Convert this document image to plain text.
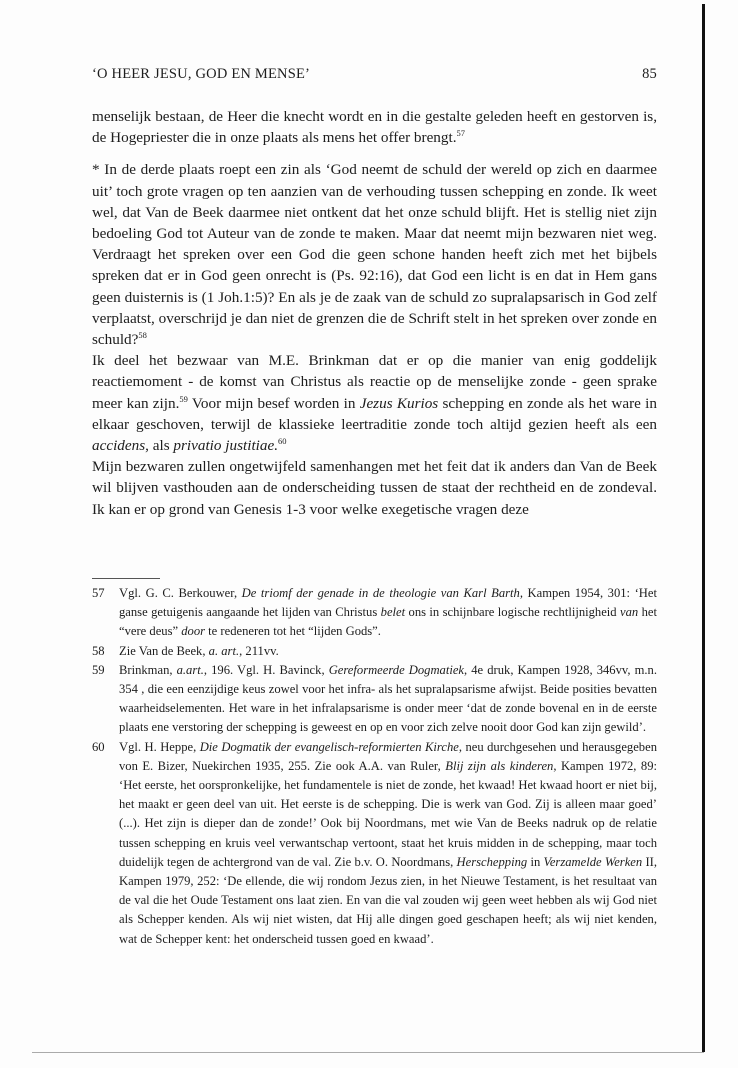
‘O HEER JESU, GOD EN MENSE’	85

menselijk bestaan, de Heer die knecht wordt en in die gestalte geleden heeft en gestorven is, de Hogepriester die in onze plaats als mens het offer brengt.$^{57}$

* In de derde plaats roept een zin als ‘God neemt de schuld der wereld op zich en daarmee uit’ toch grote vragen op ten aanzien van de verhouding tussen schepping en zonde. Ik weet wel, dat Van de Beek daarmee niet ontkent dat het onze schuld blijft. Het is stellig niet zijn bedoeling God tot Auteur van de zonde te maken. Maar dat neemt mijn bezwaren niet weg. Verdraagt het spreken over een God die geen schone handen heeft zich met het bijbels spreken dat er in God geen onrecht is (Ps. 92:16), dat God een licht is en dat in Hem gans geen duisternis is (1 Joh.1:5)? En als je de zaak van de schuld zo supralapsarisch in God zelf verplaatst, overschrijd je dan niet de grenzen die de Schrift stelt in het spreken over zonde en schuld?$^{58}$

Ik deel het bezwaar van M.E. Brinkman dat er op die manier van enig goddelijk reactiemoment - de komst van Christus als reactie op de menselijke zonde - geen sprake meer kan zijn.$^{59}$ Voor mijn besef worden in Jezus Kurios schepping en zonde als het ware in elkaar geschoven, terwijl de klassieke leertraditie zonde toch altijd gezien heeft als een accidens, als privatio justitiae.$^{60}$

Mijn bezwaren zullen ongetwijfeld samenhangen met het feit dat ik anders dan Van de Beek wil blijven vasthouden aan de onderscheiding tussen de staat der rechtheid en de zondeval. Ik kan er op grond van Genesis 1-3 voor welke exegetische vragen deze

57 Vgl. G. C. Berkouwer, De triomf der genade in de theologie van Karl Barth, Kampen 1954, 301: ‘Het ganse getuigenis aangaande het lijden van Christus belet ons in schijnbare logische rechtlijnigheid van het “vere deus” door te redeneren tot het “lijden Gods”.
58 Zie Van de Beek, a. art., 211vv.
59 Brinkman, a.art., 196. Vgl. H. Bavinck, Gereformeerde Dogmatiek, 4e druk, Kampen 1928, 346vv, m.n. 354 , die een eenzijdige keus zowel voor het infra- als het supralapsarisme afwijst. Beide posities bevatten waarheidselementen. Het ware in het infralapsarisme is onder meer ‘dat de zonde bovenal en in de eerste plaats ene verstoring der schepping is geweest en op en voor zich zelve nooit door God kan zijn gewild’.
60 Vgl. H. Heppe, Die Dogmatik der evangelisch-reformierten Kirche, neu durchgesehen und herausgegeben von E. Bizer, Nuekirchen 1935, 255. Zie ook A.A. van Ruler, Blij zijn als kinderen, Kampen 1972, 89: ‘Het eerste, het oorspronkelijke, het fundamentele is niet de zonde, het kwaad! Het kwaad hoort er niet bij, het maakt er geen deel van uit. Het eerste is de schepping. Die is werk van God. Zij is alleen maar goed’ (...). Het zijn is dieper dan de zonde!’ Ook bij Noordmans, met wie Van de Beeks nadruk op de relatie tussen schepping en kruis veel verwantschap vertoont, staat het kruis midden in de schepping, maar toch duidelijk tegen de achtergrond van de val. Zie b.v. O. Noordmans, Herschepping in Verzamelde Werken II, Kampen 1979, 252: ‘De ellende, die wij rondom Jezus zien, in het Nieuwe Testament, is het resultaat van de val die het Oude Testament ons laat zien. En van die val zouden wij geen weet hebben als wij God niet als Schepper kenden. Als wij niet wisten, dat Hij alle dingen goed geschapen heeft; als wij niet kenden, wat de Schepper kent: het onderscheid tussen goed en kwaad’.
